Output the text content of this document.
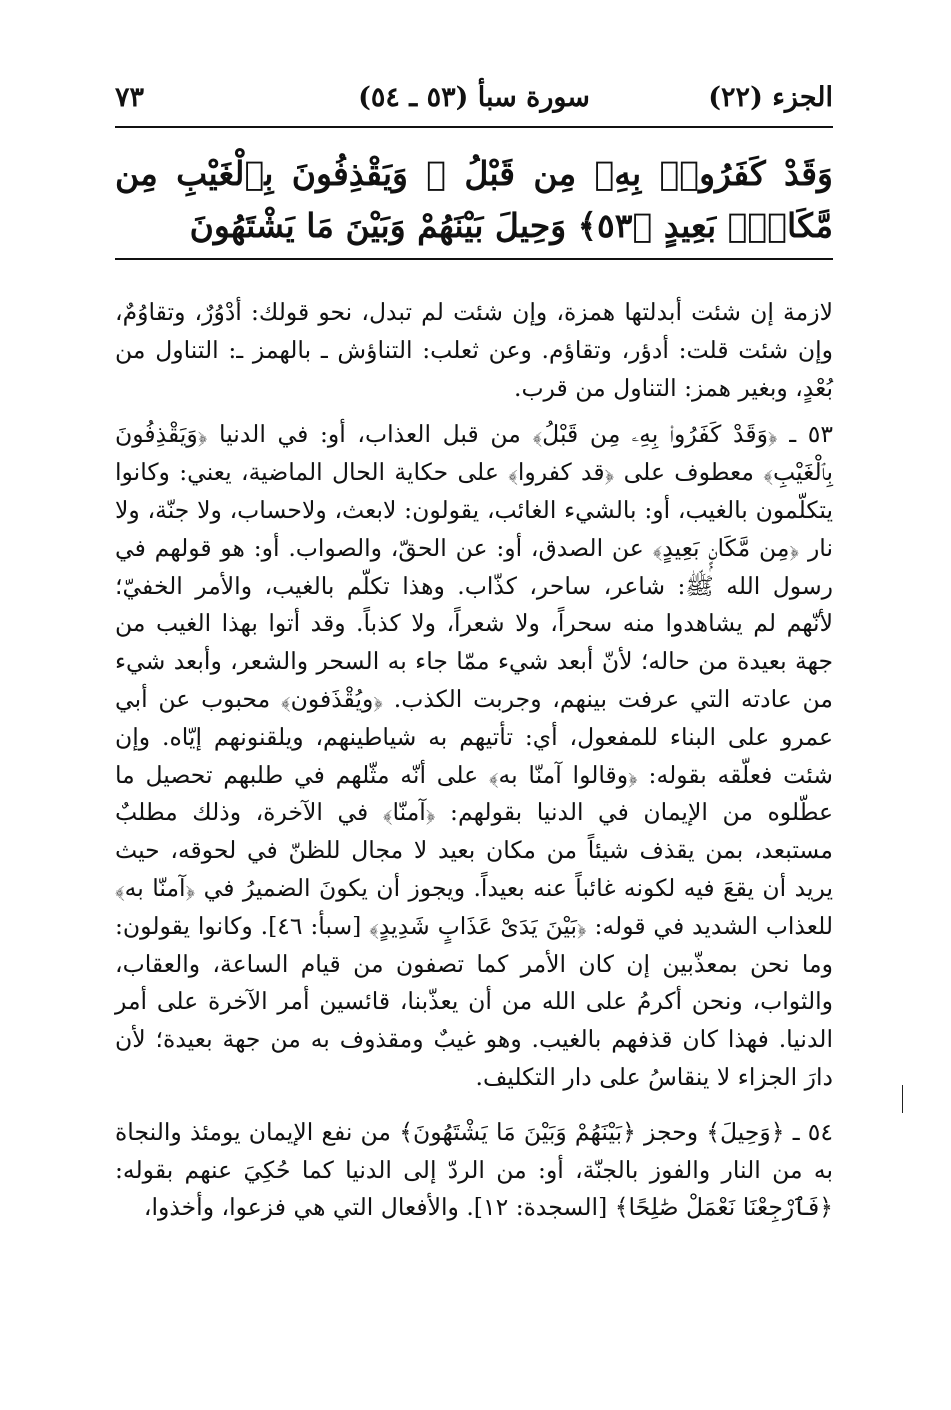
الجزء (٢٢)
سورة سبأ (٥٣ ـ ٥٤)
٧٣
وَقَدْ كَفَرُوا۟ بِهِۦ مِن قَبْلُ ۖ وَيَقْذِفُونَ بِٱلْغَيْبِ مِن مَّكَانٍۭ بَعِيدٍ ﴿٥٣﴾ وَحِيلَ بَيْنَهُمْ وَبَيْنَ مَا يَشْتَهُونَ

لازمة إن شئت أبدلتها همزة، وإن شئت لم تبدل، نحو قولك: أدْوُرٌ، وتقاوُمٌ، وإن شئت قلت: أدؤر، وتقاؤم. وعن ثعلب: التناؤش ـ بالهمز ـ: التناول من بُعْدٍ، وبغير همز: التناول من قرب.

٥٣ ـ ﴿وَقَدْ كَفَرُوا۟ بِهِۦ مِن قَبْلُ﴾ من قبل العذاب، أو: في الدنيا ﴿وَيَقْذِفُونَ بِٱلْغَيْبِ﴾ معطوف على ﴿قد كفروا﴾ على حكاية الحال الماضية، يعني: وكانوا يتكلّمون بالغيب، أو: بالشيء الغائب، يقولون: لابعث، ولاحساب، ولا جنّة، ولا نار ﴿مِن مَّكَانٍۭ بَعِيدٍ﴾ عن الصدق، أو: عن الحقّ، والصواب. أو: هو قولهم في رسول الله ﷺ: شاعر، ساحر، كذّاب. وهذا تكلّم بالغيب، والأمر الخفيّ؛ لأنّهم لم يشاهدوا منه سحراً، ولا شعراً، ولا كذباً. وقد أتوا بهذا الغيب من جهة بعيدة من حاله؛ لأنّ أبعد شيء ممّا جاء به السحر والشعر، وأبعد شيء من عادته التي عرفت بينهم، وجربت الكذب. ﴿ويُقْذَفون﴾ محبوب عن أبي عمرو على البناء للمفعول، أي: تأتيهم به شياطينهم، ويلقنونهم إيّاه. وإن شئت فعلّقه بقوله: ﴿وقالوا آمنّا به﴾ على أنّه مثّلهم في طلبهم تحصيل ما عطّلوه من الإيمان في الدنيا بقولهم: ﴿آمنّا﴾ في الآخرة، وذلك مطلبٌ مستبعد، بمن يقذف شيئاً من مكان بعيد لا مجال للظنّ في لحوقه، حيث يريد أن يقعَ فيه لكونه غائباً عنه بعيداً. ويجوز أن يكونَ الضميرُ في ﴿آمنّا به﴾ للعذاب الشديد في قوله: ﴿بَيْنَ يَدَىْ عَذَابٍ شَدِيدٍ﴾ [سبأ: ٤٦]. وكانوا يقولون: وما نحن بمعذّبين إن كان الأمر كما تصفون من قيام الساعة، والعقاب، والثواب، ونحن أكرمُ على الله من أن يعذّبنا، قائسين أمر الآخرة على أمر الدنيا. فهذا كان قذفهم بالغيب. وهو غيبٌ ومقذوف به من جهة بعيدة؛ لأن دارَ الجزاء لا ينقاسُ على دار التكليف.

٥٤ ـ ﴿وَحِيلَ﴾ وحجز ﴿بَيْنَهُمْ وَبَيْنَ مَا يَشْتَهُونَ﴾ من نفع الإيمان يومئذ والنجاة به من النار والفوز بالجنّة، أو: من الردّ إلى الدنيا كما حُكِيَ عنهم بقوله: ﴿فَٱرْجِعْنَا نَعْمَلْ صَٰلِحًا﴾ [السجدة: ١٢]. والأفعال التي هي فزعوا، وأخذوا،
